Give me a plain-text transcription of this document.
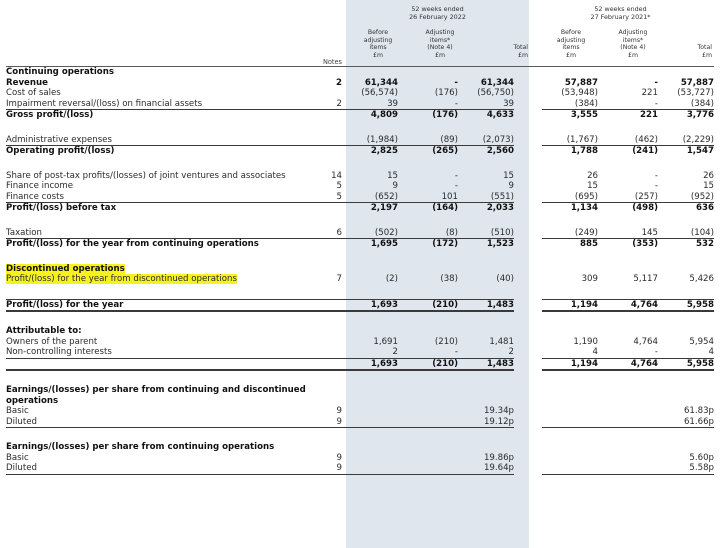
52 weeks ended
26 February 2022
52 weeks ended
27 February 2021*
Before
adjusting
items
£m
Adjusting
items*
(Note 4)
£m
Total
£m
Before
adjusting
items
£m
Adjusting
items*
(Note 4)
£m
Total
£m
Notes
Continuing operations								
Revenue	2	61,344	-	61,344		57,887	-	57,887
Cost of sales		(56,574)	(176)	(56,750)		(53,948)	221	(53,727)
Impairment reversal/(loss) on financial assets	2	39	-	39		(384)	-	(384)
Gross profit/(loss)		4,809	(176)	4,633		3,555	221	3,776

Administrative expenses		(1,984)	(89)	(2,073)		(1,767)	(462)	(2,229)
Operating profit/(loss)		2,825	(265)	2,560		1,788	(241)	1,547

Share of post-tax profits/(losses) of joint ventures and associates	14	15	-	15		26	-	26
Finance income	5	9	-	9		15	-	15
Finance costs	5	(652)	101	(551)		(695)	(257)	(952)
Profit/(loss) before tax		2,197	(164)	2,033		1,134	(498)	636

Taxation	6	(502)	(8)	(510)		(249)	145	(104)
Profit/(loss) for the year from continuing operations		1,695	(172)	1,523		885	(353)	532

Discontinued operations								
Profit/(loss) for the year from discontinued operations	7	(2)	(38)	(40)		309	5,117	5,426

Profit/(loss) for the year		1,693	(210)	1,483		1,194	4,764	5,958

Attributable to:								
Owners of the parent		1,691	(210)	1,481		1,190	4,764	5,954
Non-controlling interests		2	-	2		4	-	4
		1,693	(210)	1,483		1,194	4,764	5,958

Earnings/(losses) per share from continuing and discontinued								
operations								
Basic	9			19.34p				61.83p
Diluted	9			19.12p				61.66p

Earnings/(losses) per share from continuing operations								
Basic	9			19.86p				5.60p
Diluted	9			19.64p				5.58p
